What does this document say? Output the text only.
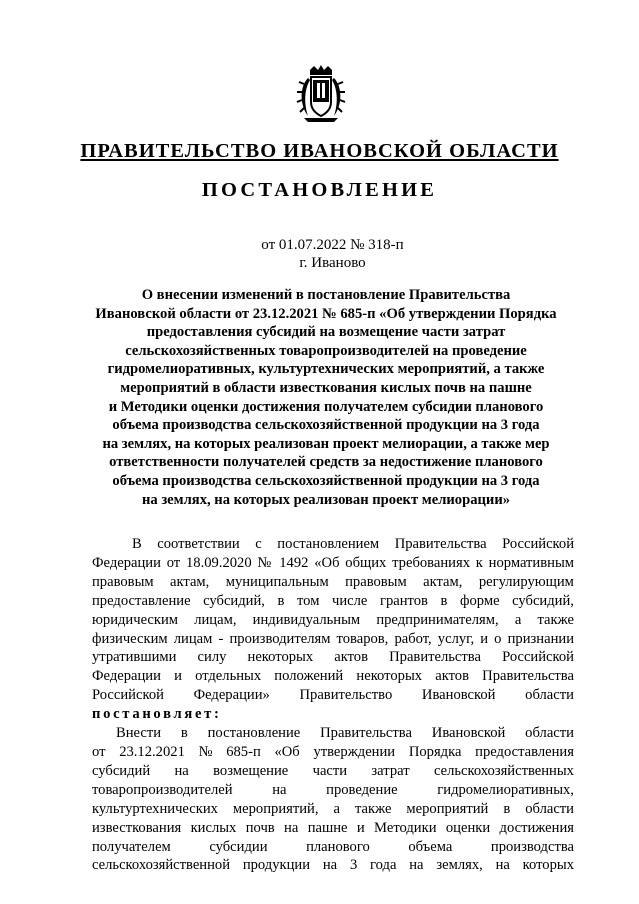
ПРАВИТЕЛЬСТВО ИВАНОВСКОЙ ОБЛАСТИ
ПОСТАНОВЛЕНИЕ
от 01.07.2022 № 318-п
г. Иваново
О внесении изменений в постановление Правительства
Ивановской области от 23.12.2021 № 685-п «Об утверждении Порядка
предоставления субсидий на возмещение части затрат
сельскохозяйственных товаропроизводителей на проведение
гидромелиоративных, культуртехнических мероприятий, а также
мероприятий в области известкования кислых почв на пашне
и Методики оценки достижения получателем субсидии планового
объема производства сельскохозяйственной продукции на 3 года
на землях, на которых реализован проект мелиорации, а также мер
ответственности получателей средств за недостижение планового
объема производства сельскохозяйственной продукции на 3 года
на землях, на которых реализован проект мелиорации»
В соответствии с постановлением Правительства Российской
Федерации от 18.09.2020 № 1492 «Об общих требованиях к нормативным
правовым актам, муниципальным правовым актам, регулирующим
предоставление субсидий, в том числе грантов в форме субсидий,
юридическим лицам, индивидуальным предпринимателям, а также
физическим лицам - производителям товаров, работ, услуг, и о признании
утратившими силу некоторых актов Правительства Российской
Федерации и отдельных положений некоторых актов Правительства
Российской Федерации» Правительство Ивановской области
постановляет:
Внести в постановление Правительства Ивановской области
от 23.12.2021 № 685-п «Об утверждении Порядка предоставления
субсидий на возмещение части затрат сельскохозяйственных
товаропроизводителей	на	проведение	гидромелиоративных,
культуртехнических мероприятий, а также мероприятий в области
известкования кислых почв на пашне и Методики оценки достижения
получателем	субсидии	планового	объема	производства
сельскохозяйственной продукции на 3 года на землях, на которых
